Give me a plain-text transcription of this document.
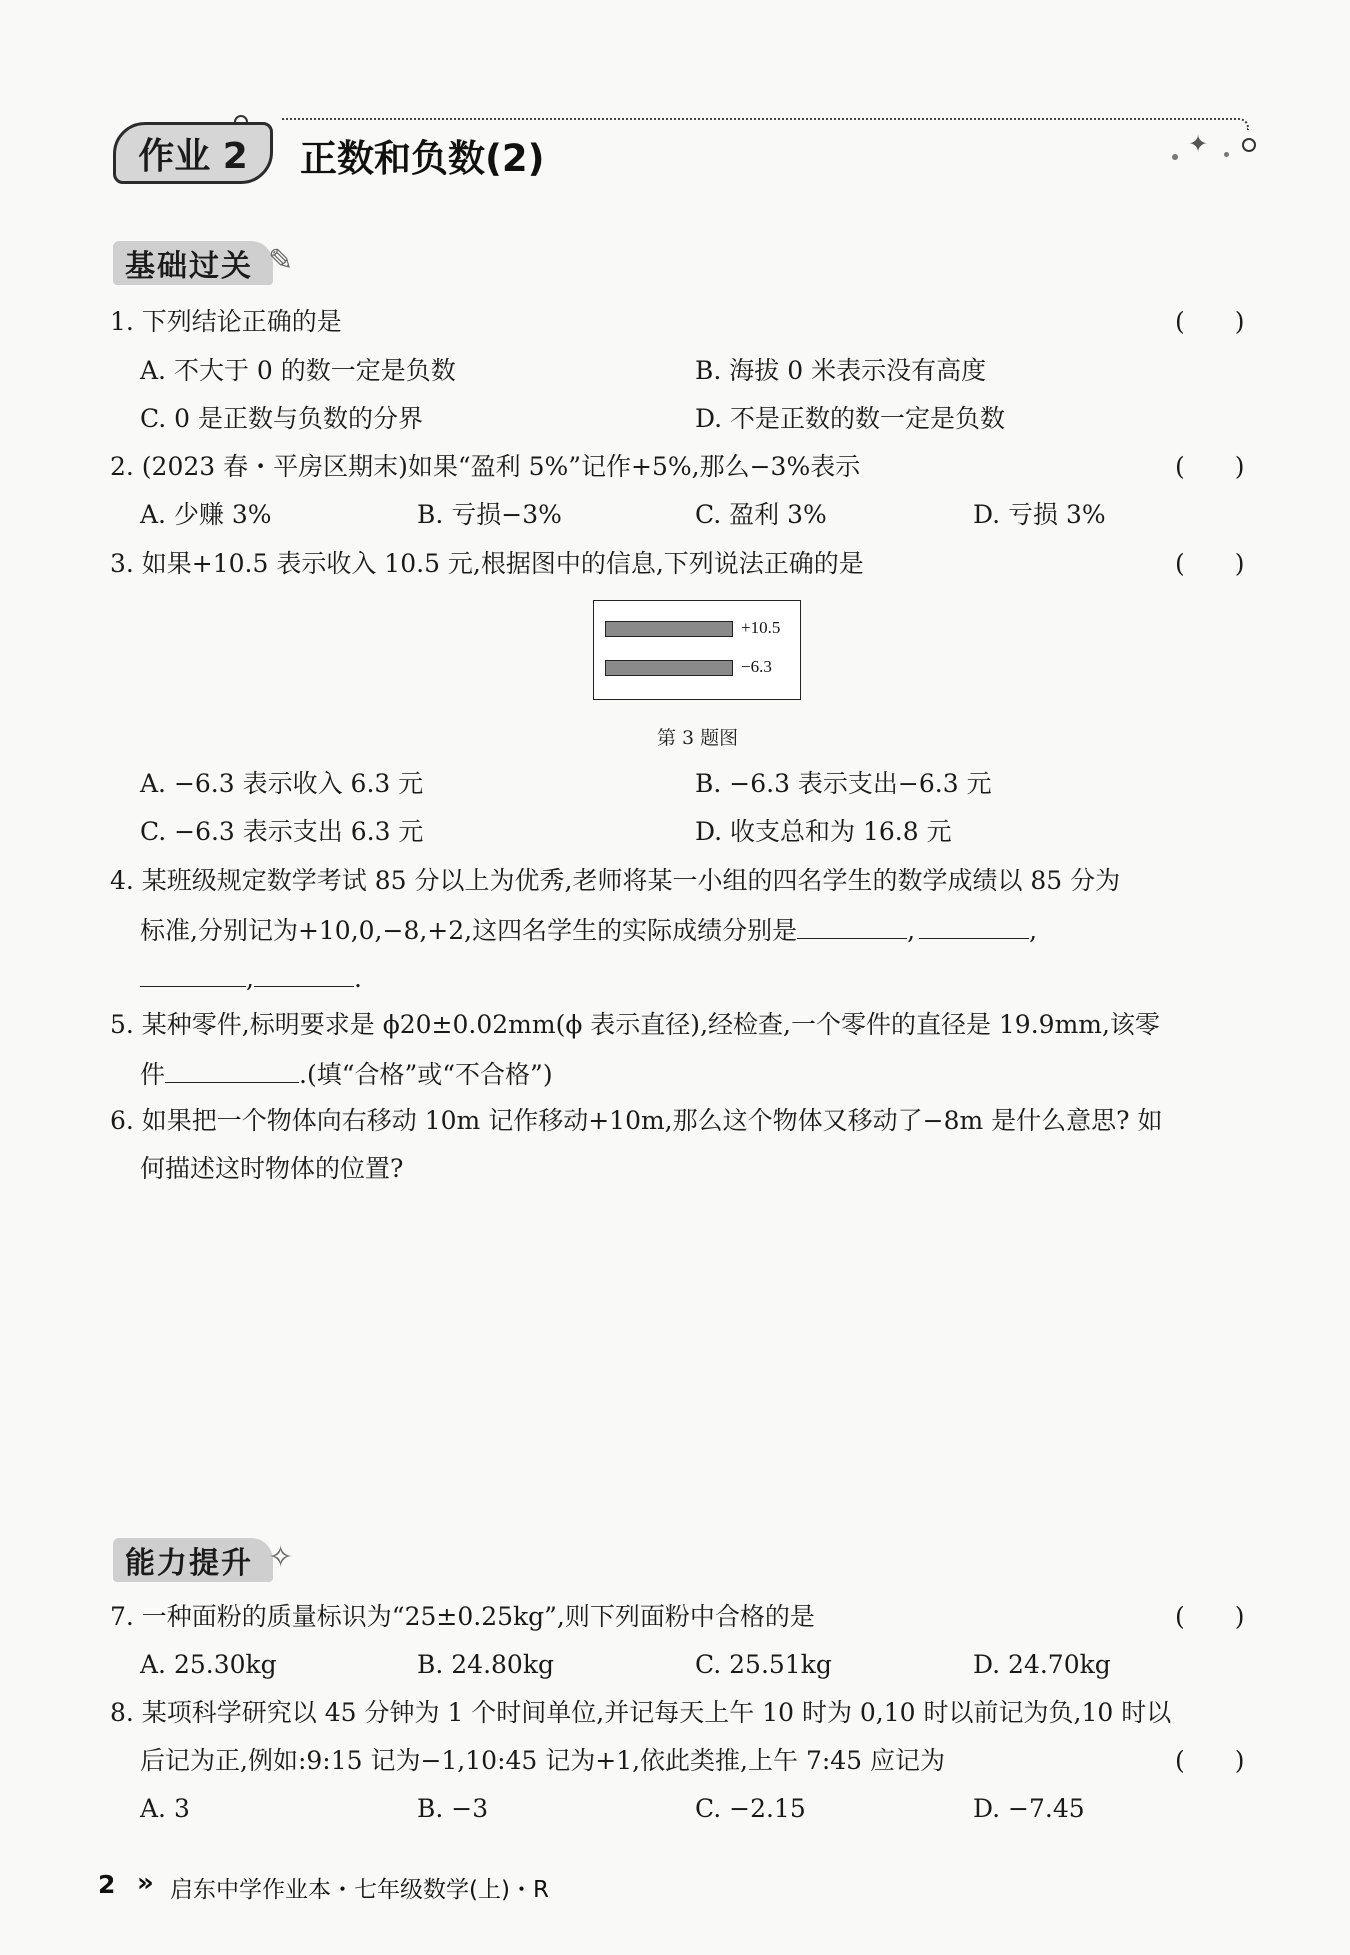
✦
作业 2	正数和负数(2)
基础过关 ✎
1. 下列结论正确的是	(　　)
A. 不大于 0 的数一定是负数	B. 海拔 0 米表示没有高度
C. 0 是正数与负数的分界	D. 不是正数的数一定是负数
2. (2023 春・平房区期末)如果“盈利 5%”记作+5%,那么−3%表示	(　　)
A. 少赚 3%	B. 亏损−3%	C. 盈利 3%	D. 亏损 3%
3. 如果+10.5 表示收入 10.5 元,根据图中的信息,下列说法正确的是	(　　)
+10.5
−6.3
第 3 题图
A. −6.3 表示收入 6.3 元	B. −6.3 表示支出−6.3 元
C. −6.3 表示支出 6.3 元	D. 收支总和为 16.8 元
4. 某班级规定数学考试 85 分以上为优秀,老师将某一小组的四名学生的数学成绩以 85 分为
标准,分别记为+10,0,−8,+2,这四名学生的实际成绩分别是	,	,
,	.
5. 某种零件,标明要求是 ϕ20±0.02mm(ϕ 表示直径),经检查,一个零件的直径是 19.9mm,该零
件	.(填“合格”或“不合格”)
6. 如果把一个物体向右移动 10m 记作移动+10m,那么这个物体又移动了−8m 是什么意思? 如
何描述这时物体的位置?
能力提升 ✧
7. 一种面粉的质量标识为“25±0.25kg”,则下列面粉中合格的是	(　　)
A. 25.30kg	B. 24.80kg	C. 25.51kg	D. 24.70kg
8. 某项科学研究以 45 分钟为 1 个时间单位,并记每天上午 10 时为 0,10 时以前记为负,10 时以
后记为正,例如:9:15 记为−1,10:45 记为+1,依此类推,上午 7:45 应记为	(　　)
A. 3	B. −3	C. −2.15	D. −7.45
2 » 启东中学作业本・七年级数学(上)・R
